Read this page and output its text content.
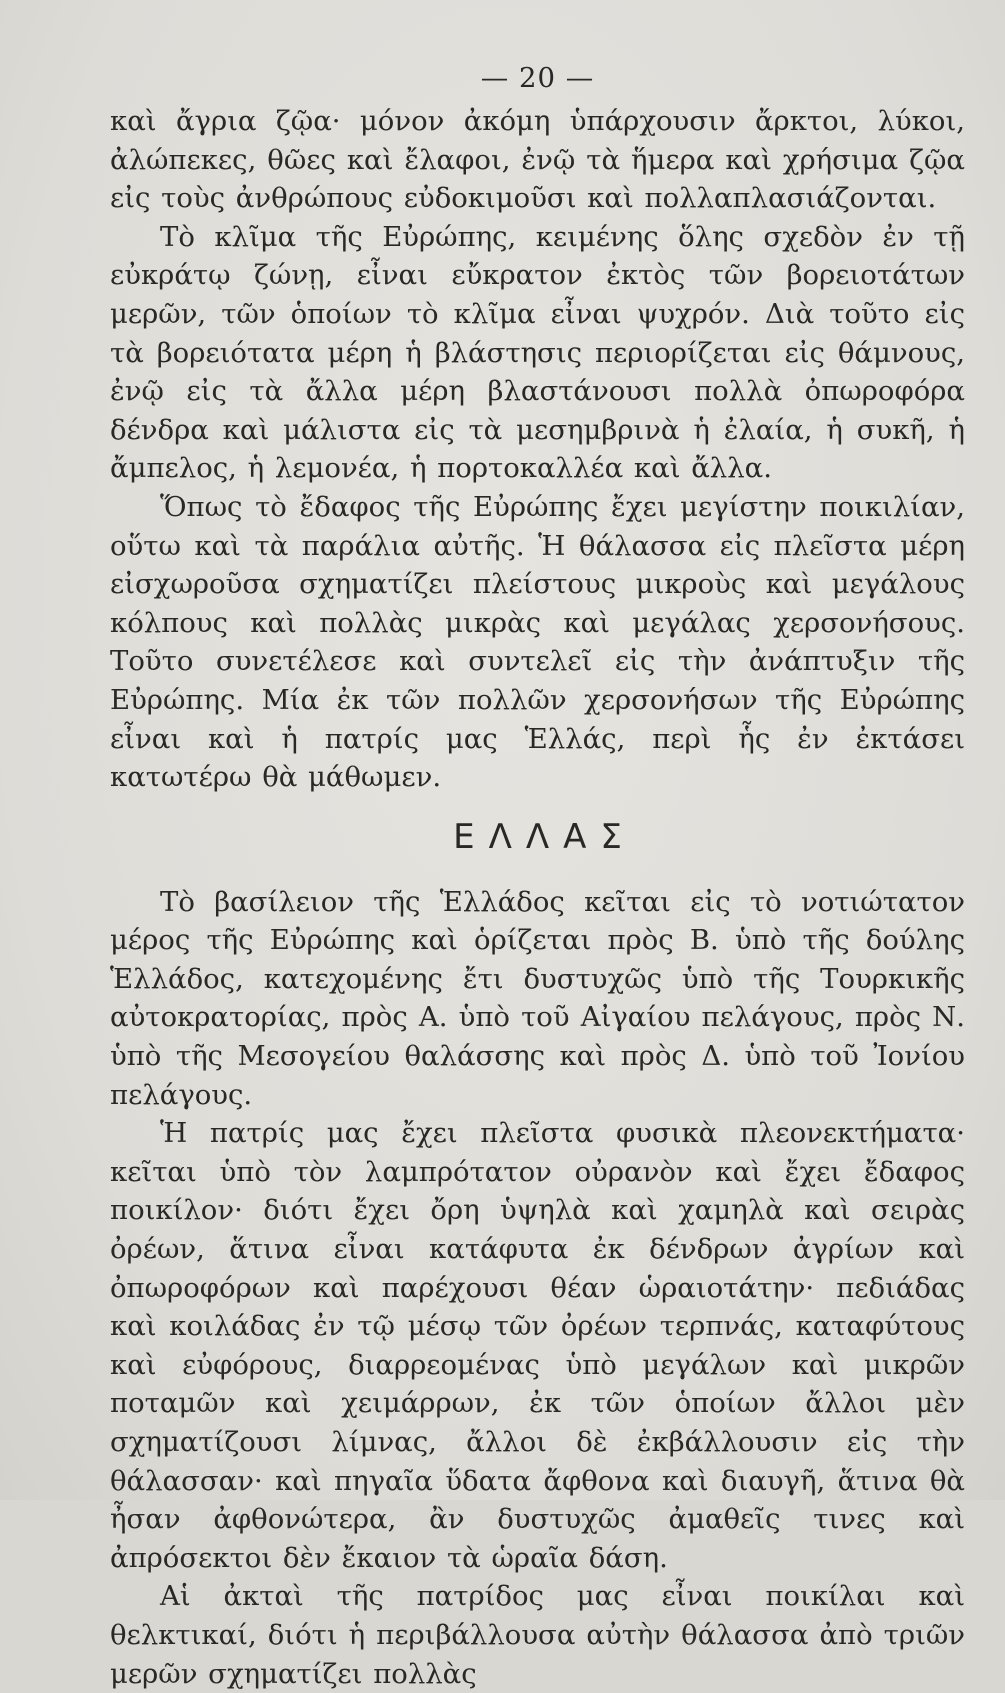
— 20 —

καὶ ἄγρια ζῷα· μόνον ἀκόμη ὑπάρχουσιν ἄρκτοι, λύκοι, ἀλώπεκες, θῶες καὶ ἔλαφοι, ἐνῷ τὰ ἥμερα καὶ χρήσιμα ζῷα εἰς τοὺς ἀνθρώπους εὐδοκιμοῦσι καὶ πολλαπλασιάζονται.

Τὸ κλῖμα τῆς Εὐρώπης, κειμένης ὅλης σχεδὸν ἐν τῇ εὐκράτῳ ζώνῃ, εἶναι εὔκρατον ἐκτὸς τῶν βορειοτάτων μερῶν, τῶν ὁποίων τὸ κλῖμα εἶναι ψυχρόν. Διὰ τοῦτο εἰς τὰ βορειότατα μέρη ἡ βλάστησις περιορίζεται εἰς θάμνους, ἐνῷ εἰς τὰ ἄλλα μέρη βλαστάνουσι πολλὰ ὀπωροφόρα δένδρα καὶ μάλιστα εἰς τὰ μεσημβρινὰ ἡ ἐλαία, ἡ συκῆ, ἡ ἄμπελος, ἡ λεμονέα, ἡ πορτοκαλλέα καὶ ἄλλα.

Ὅπως τὸ ἔδαφος τῆς Εὐρώπης ἔχει μεγίστην ποικιλίαν, οὕτω καὶ τὰ παράλια αὐτῆς. Ἡ θάλασσα εἰς πλεῖστα μέρη εἰσχωροῦσα σχηματίζει πλείστους μικροὺς καὶ μεγάλους κόλπους καὶ πολλὰς μικρὰς καὶ μεγάλας χερσονήσους. Τοῦτο συνετέλεσε καὶ συντελεῖ εἰς τὴν ἀνάπτυξιν τῆς Εὐρώπης. Μία ἐκ τῶν πολλῶν χερσονήσων τῆς Εὐρώπης εἶναι καὶ ἡ πατρίς μας Ἑλλάς, περὶ ἧς ἐν ἐκτάσει κατωτέρω θὰ μάθωμεν.

ΕΛΛΑΣ

Τὸ βασίλειον τῆς Ἑλλάδος κεῖται εἰς τὸ νοτιώτατον μέρος τῆς Εὐρώπης καὶ ὁρίζεται πρὸς Β. ὑπὸ τῆς δούλης Ἑλλάδος, κατεχομένης ἔτι δυστυχῶς ὑπὸ τῆς Τουρκικῆς αὐτοκρατορίας, πρὸς Α. ὑπὸ τοῦ Αἰγαίου πελάγους, πρὸς Ν. ὑπὸ τῆς Μεσογείου θαλάσσης καὶ πρὸς Δ. ὑπὸ τοῦ Ἰονίου πελάγους.

Ἡ πατρίς μας ἔχει πλεῖστα φυσικὰ πλεονεκτήματα· κεῖται ὑπὸ τὸν λαμπρότατον οὐρανὸν καὶ ἔχει ἔδαφος ποικίλον· διότι ἔχει ὄρη ὑψηλὰ καὶ χαμηλὰ καὶ σειρὰς ὀρέων, ἅτινα εἶναι κατάφυτα ἐκ δένδρων ἀγρίων καὶ ὀπωροφόρων καὶ παρέχουσι θέαν ὡραιοτάτην· πεδιάδας καὶ κοιλάδας ἐν τῷ μέσῳ τῶν ὀρέων τερπνάς, καταφύτους καὶ εὐφόρους, διαρρεομένας ὑπὸ μεγάλων καὶ μικρῶν ποταμῶν καὶ χειμάρρων, ἐκ τῶν ὁποίων ἄλλοι μὲν σχηματίζουσι λίμνας, ἄλλοι δὲ ἐκβάλλουσιν εἰς τὴν θάλασσαν· καὶ πηγαῖα ὕδατα ἄφθονα καὶ διαυγῆ, ἅτινα θὰ ἦσαν ἀφθονώτερα, ἂν δυστυχῶς ἀμαθεῖς τινες καὶ ἀπρόσεκτοι δὲν ἔκαιον τὰ ὡραῖα δάση.

Αἱ ἀκταὶ τῆς πατρίδος μας εἶναι ποικίλαι καὶ θελκτικαί, διότι ἡ περιβάλλουσα αὐτὴν θάλασσα ἀπὸ τριῶν μερῶν σχηματίζει πολλὰς
